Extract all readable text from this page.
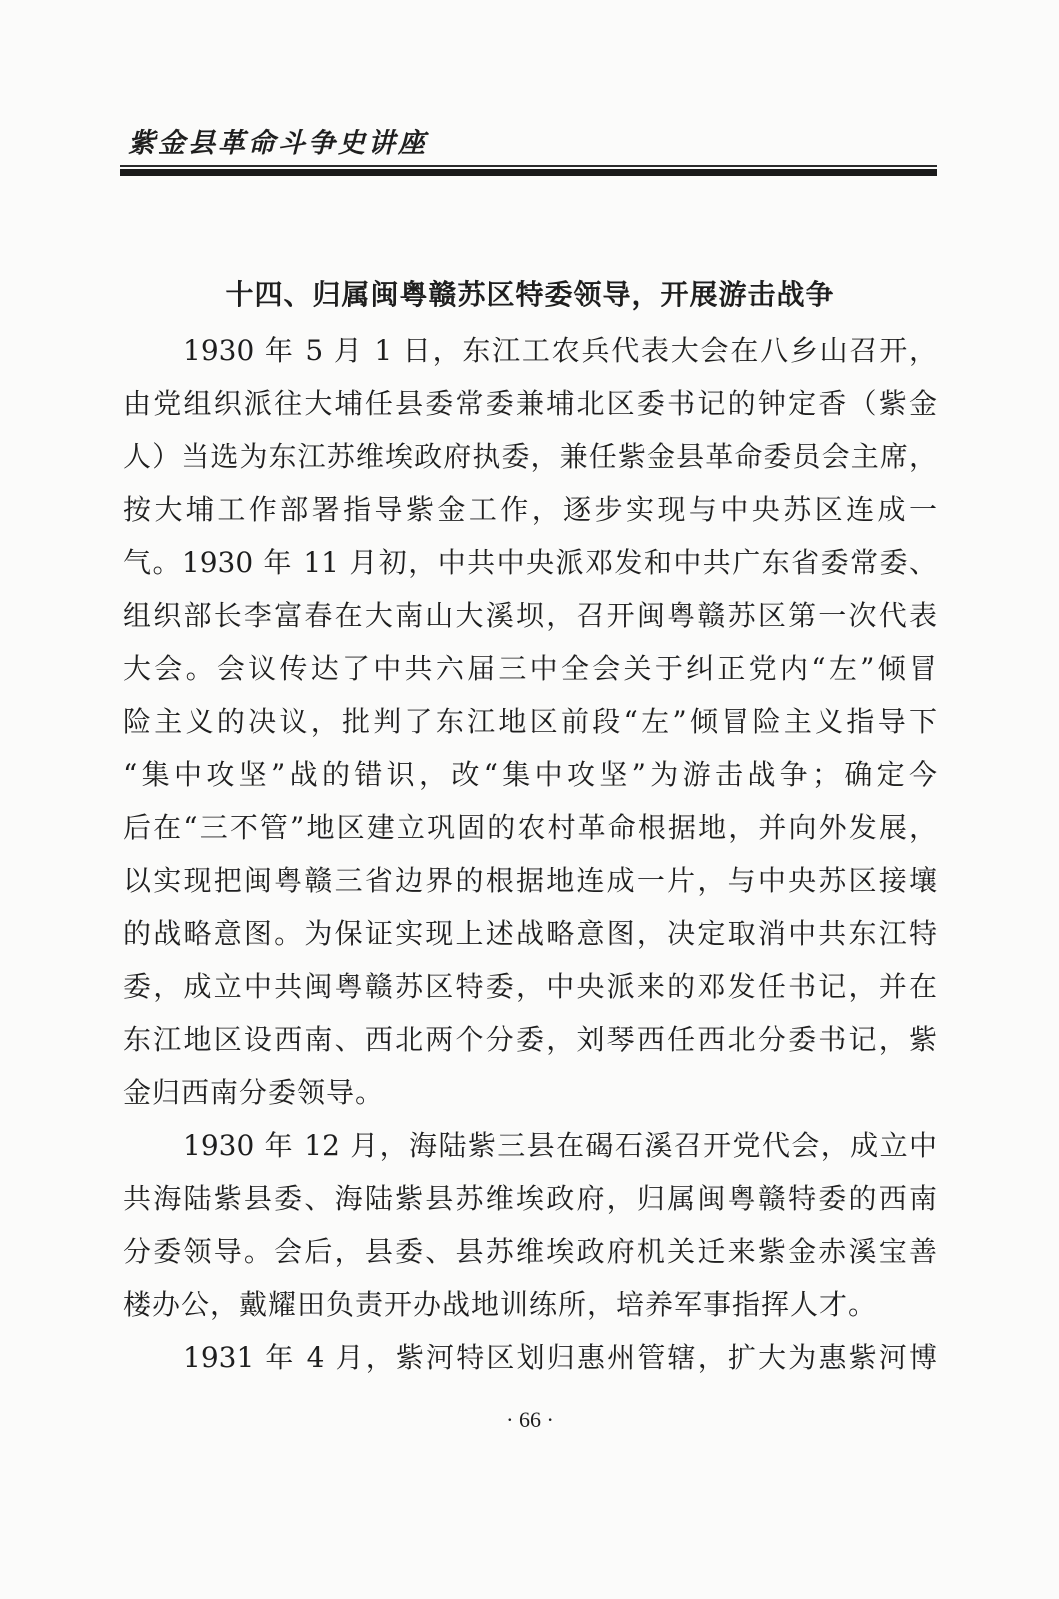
紫金县革命斗争史讲座
十四、归属闽粤赣苏区特委领导，开展游击战争
1930 年 5 月 1 日，东江工农兵代表大会在八乡山召开，
由党组织派往大埔任县委常委兼埔北区委书记的钟定香（紫金
人）当选为东江苏维埃政府执委，兼任紫金县革命委员会主席，
按大埔工作部署指导紫金工作，逐步实现与中央苏区连成一
气。1930 年 11 月初，中共中央派邓发和中共广东省委常委、
组织部长李富春在大南山大溪坝，召开闽粤赣苏区第一次代表
大会。会议传达了中共六届三中全会关于纠正党内“左”倾冒
险主义的决议，批判了东江地区前段“左”倾冒险主义指导下
“集中攻坚”战的错识，改“集中攻坚”为游击战争；确定今
后在“三不管”地区建立巩固的农村革命根据地，并向外发展，
以实现把闽粤赣三省边界的根据地连成一片，与中央苏区接壤
的战略意图。为保证实现上述战略意图，决定取消中共东江特
委，成立中共闽粤赣苏区特委，中央派来的邓发任书记，并在
东江地区设西南、西北两个分委，刘琴西任西北分委书记，紫
金归西南分委领导。
1930 年 12 月，海陆紫三县在碣石溪召开党代会，成立中
共海陆紫县委、海陆紫县苏维埃政府，归属闽粤赣特委的西南
分委领导。会后，县委、县苏维埃政府机关迁来紫金赤溪宝善
楼办公，戴耀田负责开办战地训练所，培养军事指挥人才。
1931 年 4 月，紫河特区划归惠州管辖，扩大为惠紫河博
· 66 ·
